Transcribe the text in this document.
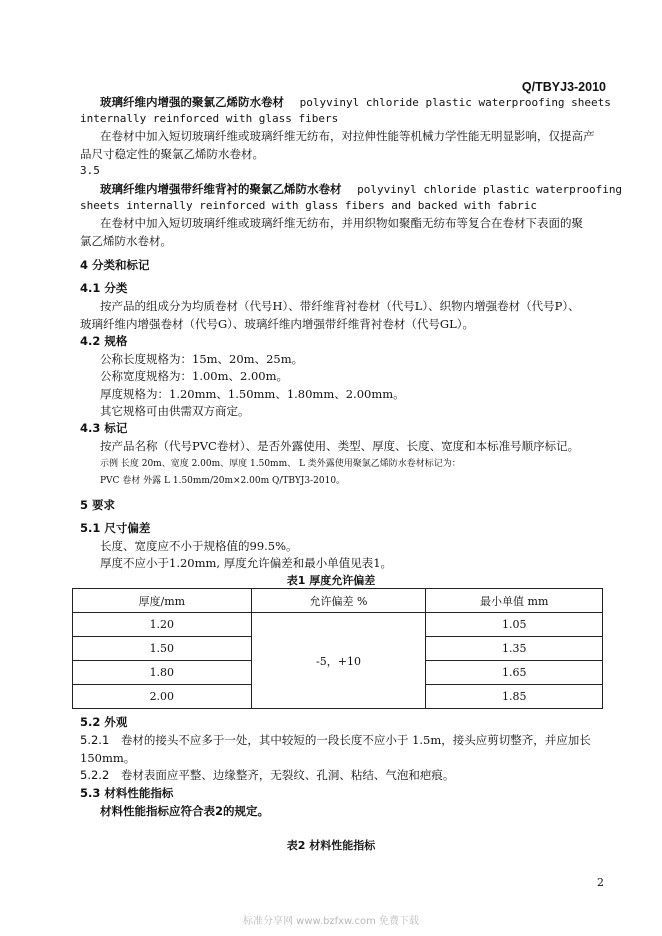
Q/TBYJ3-2010
玻璃纤维内增强的聚氯乙烯防水卷材 polyvinyl chloride plastic waterproofing sheets
internally reinforced with glass fibers
在卷材中加入短切玻璃纤维或玻璃纤维无纺布，对拉伸性能等机械力学性能无明显影响，仅提高产
品尺寸稳定性的聚氯乙烯防水卷材。
3.5
玻璃纤维内增强带纤维背衬的聚氯乙烯防水卷材 polyvinyl chloride plastic waterproofing
sheets internally reinforced with glass fibers and backed with fabric
在卷材中加入短切玻璃纤维或玻璃纤维无纺布，并用织物如聚酯无纺布等复合在卷材下表面的聚
氯乙烯防水卷材。
4 分类和标记
4.1 分类
按产品的组成分为均质卷材（代号H）、带纤维背衬卷材（代号L）、织物内增强卷材（代号P）、
玻璃纤维内增强卷材（代号G）、玻璃纤维内增强带纤维背衬卷材（代号GL）。
4.2 规格
公称长度规格为：15m、20m、25m。
公称宽度规格为：1.00m、2.00m。
厚度规格为：1.20mm、1.50mm、1.80mm、2.00mm。
其它规格可由供需双方商定。
4.3 标记
按产品名称（代号PVC卷材）、是否外露使用、类型、厚度、长度、宽度和本标准号顺序标记。
示例 长度 20m、宽度 2.00m、厚度 1.50mm、 L 类外露使用聚氯乙烯防水卷材标记为：
PVC 卷材 外露 L 1.50mm/20m×2.00m Q/TBYJ3-2010。
5 要求
5.1 尺寸偏差
长度、宽度应不小于规格值的99.5%。
厚度不应小于1.20mm, 厚度允许偏差和最小单值见表1。
表1 厚度允许偏差
厚度/mm	允许偏差 %	最小单值 mm
1.20	-5，+10	1.05
1.50		1.35
1.80		1.65
2.00		1.85
5.2 外观
5.2.1 卷材的接头不应多于一处，其中较短的一段长度不应小于 1.5m，接头应剪切整齐，并应加长
150mm。
5.2.2 卷材表面应平整、边缘整齐，无裂纹、孔洞、粘结、气泡和疤痕。
5.3 材料性能指标
材料性能指标应符合表2的规定。
表2 材料性能指标
2
标准分享网 www.bzfxw.com 免费下载
